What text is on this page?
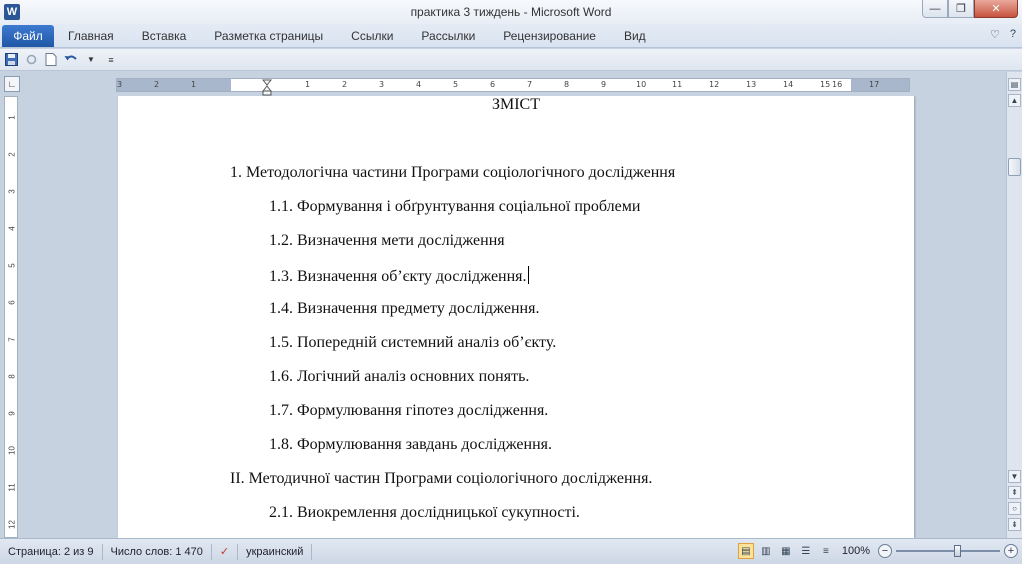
W	практика 3 тиждень - Microsoft Word	—	❐	✕
Файл	Главная	Вставка	Разметка страницы	Ссылки	Рассылки	Рецензирование	Вид	♡ ?
▼	≡
∟	3	2	1	1	2	3	4	5	6	7	8	9	10	11	12	13	14	15 16	17
1
2
3
4
5
6
7
8
9
10
11
12
ЗМІСТ
1. Методологічна частини Програми соціологічного дослідження
1.1. Формування і обґрунтування соціальної проблеми
1.2. Визначення мети дослідження
1.3. Визначення об’єкту дослідження.
1.4. Визначення предмету дослідження.
1.5. Попередній системний аналіз об’єкту.
1.6. Логічний аналіз основних понять.
1.7. Формулювання гіпотез дослідження.
1.8. Формулювання завдань дослідження.
ІІ. Методичної частин Програми соціологічного дослідження.
2.1. Виокремлення дослідницької сукупності.
▤
▲
▼
⇞
○
⇟
Страница: 2 из 9	Число слов: 1 470	✓	украинский	▤	▥	▦	☰	≡	100%	−	+
